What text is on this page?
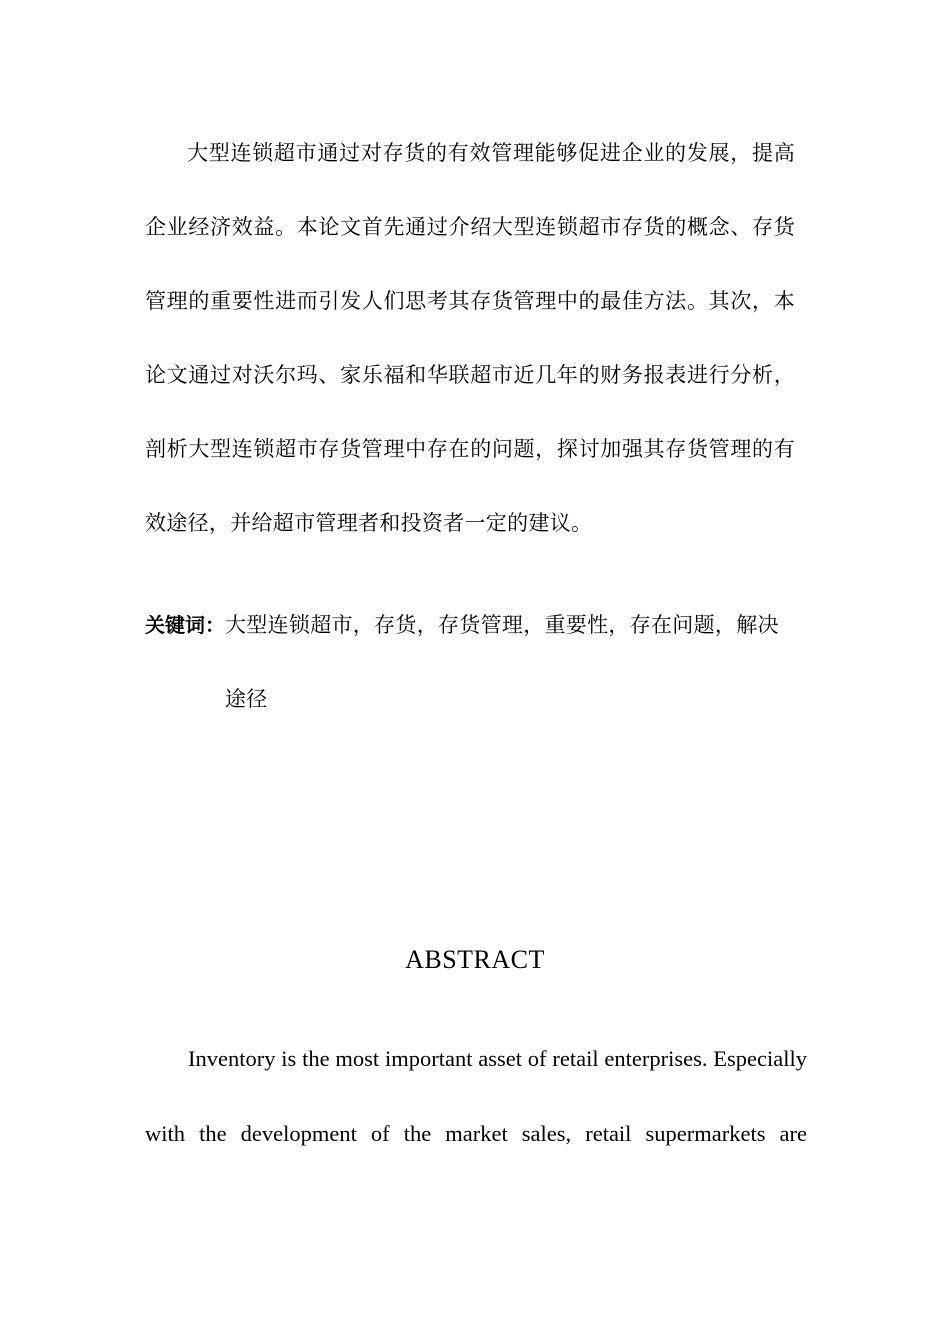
大型连锁超市通过对存货的有效管理能够促进企业的发展，提高企业经济效益。本论文首先通过介绍大型连锁超市存货的概念、存货管理的重要性进而引发人们思考其存货管理中的最佳方法。其次，本论文通过对沃尔玛、家乐福和华联超市近几年的财务报表进行分析，剖析大型连锁超市存货管理中存在的问题，探讨加强其存货管理的有效途径，并给超市管理者和投资者一定的建议。

关键词： 大型连锁超市，存货，存货管理，重要性，存在问题，解决途径
ABSTRACT

Inventory is the most important asset of retail enterprises. Especially with the development of the market sales, retail supermarkets are
